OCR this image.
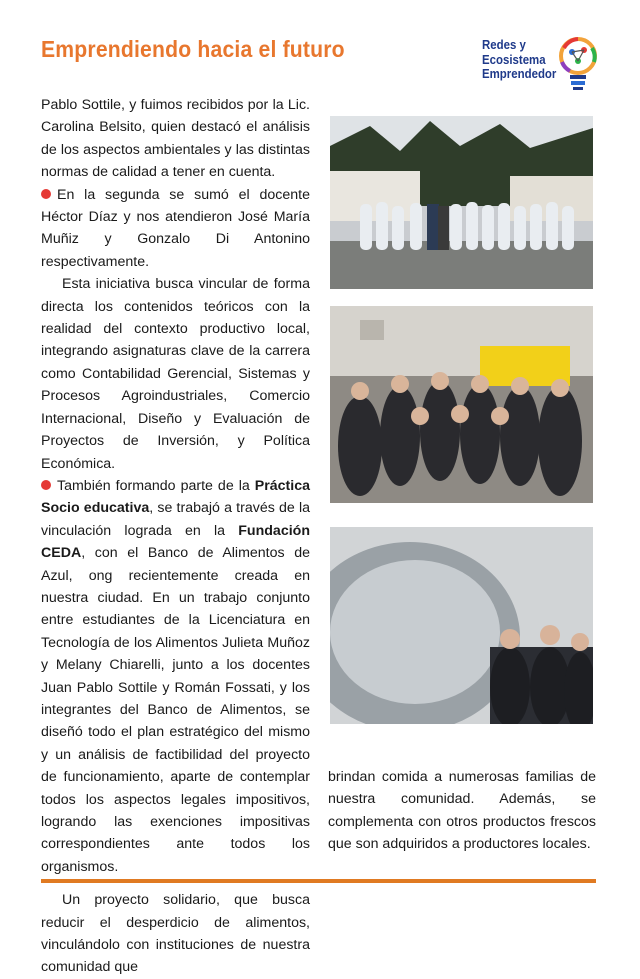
Emprendiendo hacia el futuro	Redes y
Ecosistema
Emprendedor

Pablo Sottile, y fuimos recibidos por la Lic. Carolina Belsito, quien destacó el análisis de los aspectos ambientales y las distintas normas de calidad a tener en cuenta.

En la segunda se sumó el docente Héctor Díaz y nos atendieron José María Muñiz y Gonzalo Di Antonino respectivamente.

Esta iniciativa busca vincular de forma directa los contenidos teóricos con la realidad del contexto productivo local, integrando asignaturas clave de la carrera como Contabilidad Gerencial, Sistemas y Procesos Agroindustriales, Comercio Internacional, Diseño y Evaluación de Proyectos de Inversión, y Política Económica.

También formando parte de la Práctica Socio educativa, se trabajó a través de la vinculación lograda en la Fundación CEDA, con el Banco de Alimentos de Azul, ong recientemente creada en nuestra ciudad. En un trabajo conjunto entre estudiantes de la Licenciatura en Tecnología de los Alimentos Julieta Muñoz y Melany Chiarelli, junto a los docentes Juan Pablo Sottile y Román Fossati, y los integrantes del Banco de Alimentos, se diseñó todo el plan estratégico del mismo y un análisis de factibilidad del proyecto de funcionamiento, aparte de contemplar todos los aspectos legales impositivos, logrando las exenciones impositivas correspondientes ante todos los organismos.

Un proyecto solidario, que busca reducir el desperdicio de alimentos, vinculándolo con instituciones de nuestra comunidad que

brindan comida a numerosas familias de nuestra comunidad. Además, se complementa con otros productos frescos que son adquiridos a productores locales.
